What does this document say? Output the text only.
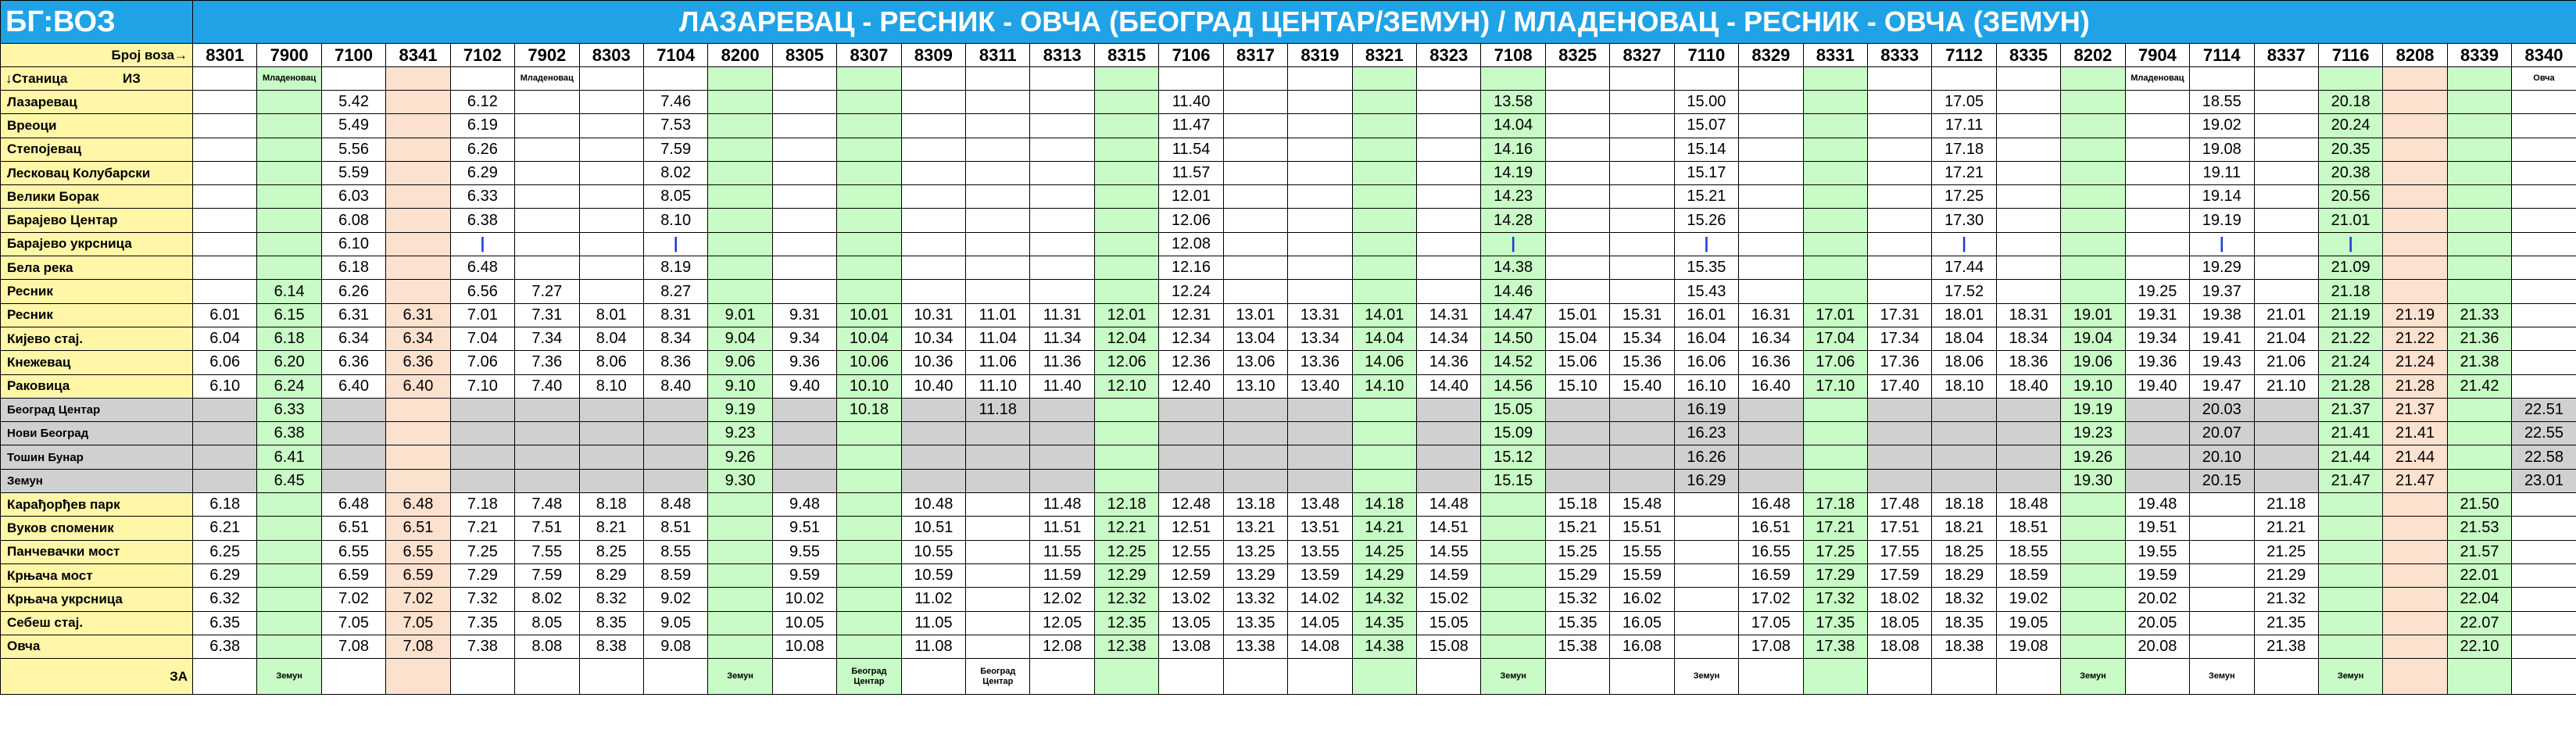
БГ:ВОЗ	ЛАЗАРЕВАЦ - РЕСНИК - ОВЧА (БЕОГРАД ЦЕНТАР/ЗЕМУН) / МЛАДЕНОВАЦ - РЕСНИК - ОВЧА (ЗЕМУН)																																				
Број воза→	8301	7900	7100	8341	7102	7902	8303	7104	8200	8305	8307	8309	8311	8313	8315	7106	8317	8319	8321	8323	7108	8325	8327	7110	8329	8331	8333	7112	8335	8202	7904	7114	8337	7116	8208	8339	8340
↓Станица ИЗ		Младеновац				Младеновац																									Младеновац						Овча
Лазаревац			5.42		6.12			7.46								11.40					13.58			15.00				17.05				18.55		20.18			
Вреоци			5.49		6.19			7.53								11.47					14.04			15.07				17.11				19.02		20.24			
Степојевац			5.56		6.26			7.59								11.54					14.16			15.14				17.18				19.08		20.35			
Лесковац Колубарски			5.59		6.29			8.02								11.57					14.19			15.17				17.21				19.11		20.38			
Велики Борак			6.03		6.33			8.05								12.01					14.23			15.21				17.25				19.14		20.56			
Барајево Центар			6.08		6.38			8.10								12.06					14.28			15.26				17.30				19.19		21.01			
Барајево укрсница			6.10		|			|								12.08					|			|				|				|		|			
Бела река			6.18		6.48			8.19								12.16					14.38			15.35				17.44				19.29		21.09			
Ресник		6.14	6.26		6.56	7.27		8.27								12.24					14.46			15.43				17.52			19.25	19.37		21.18			
Ресник	6.01	6.15	6.31	6.31	7.01	7.31	8.01	8.31	9.01	9.31	10.01	10.31	11.01	11.31	12.01	12.31	13.01	13.31	14.01	14.31	14.47	15.01	15.31	16.01	16.31	17.01	17.31	18.01	18.31	19.01	19.31	19.38	21.01	21.19	21.19	21.33	
Кијево стај.	6.04	6.18	6.34	6.34	7.04	7.34	8.04	8.34	9.04	9.34	10.04	10.34	11.04	11.34	12.04	12.34	13.04	13.34	14.04	14.34	14.50	15.04	15.34	16.04	16.34	17.04	17.34	18.04	18.34	19.04	19.34	19.41	21.04	21.22	21.22	21.36	
Кнежевац	6.06	6.20	6.36	6.36	7.06	7.36	8.06	8.36	9.06	9.36	10.06	10.36	11.06	11.36	12.06	12.36	13.06	13.36	14.06	14.36	14.52	15.06	15.36	16.06	16.36	17.06	17.36	18.06	18.36	19.06	19.36	19.43	21.06	21.24	21.24	21.38	
Раковица	6.10	6.24	6.40	6.40	7.10	7.40	8.10	8.40	9.10	9.40	10.10	10.40	11.10	11.40	12.10	12.40	13.10	13.40	14.10	14.40	14.56	15.10	15.40	16.10	16.40	17.10	17.40	18.10	18.40	19.10	19.40	19.47	21.10	21.28	21.28	21.42	
Београд Центар		6.33							9.19		10.18		11.18								15.05			16.19						19.19		20.03		21.37	21.37		22.51
Нови Београд		6.38							9.23												15.09			16.23						19.23		20.07		21.41	21.41		22.55
Тошин Бунар		6.41							9.26												15.12			16.26						19.26		20.10		21.44	21.44		22.58
Земун		6.45							9.30												15.15			16.29						19.30		20.15		21.47	21.47		23.01
Карађорђев парк	6.18		6.48	6.48	7.18	7.48	8.18	8.48		9.48		10.48		11.48	12.18	12.48	13.18	13.48	14.18	14.48		15.18	15.48		16.48	17.18	17.48	18.18	18.48		19.48		21.18			21.50	
Вуков споменик	6.21		6.51	6.51	7.21	7.51	8.21	8.51		9.51		10.51		11.51	12.21	12.51	13.21	13.51	14.21	14.51		15.21	15.51		16.51	17.21	17.51	18.21	18.51		19.51		21.21			21.53	
Панчевачки мост	6.25		6.55	6.55	7.25	7.55	8.25	8.55		9.55		10.55		11.55	12.25	12.55	13.25	13.55	14.25	14.55		15.25	15.55		16.55	17.25	17.55	18.25	18.55		19.55		21.25			21.57	
Крњача мост	6.29		6.59	6.59	7.29	7.59	8.29	8.59		9.59		10.59		11.59	12.29	12.59	13.29	13.59	14.29	14.59		15.29	15.59		16.59	17.29	17.59	18.29	18.59		19.59		21.29			22.01	
Крњача укрсница	6.32		7.02	7.02	7.32	8.02	8.32	9.02		10.02		11.02		12.02	12.32	13.02	13.32	14.02	14.32	15.02		15.32	16.02		17.02	17.32	18.02	18.32	19.02		20.02		21.32			22.04	
Себеш стај.	6.35		7.05	7.05	7.35	8.05	8.35	9.05		10.05		11.05		12.05	12.35	13.05	13.35	14.05	14.35	15.05		15.35	16.05		17.05	17.35	18.05	18.35	19.05		20.05		21.35			22.07	
Овча	6.38		7.08	7.08	7.38	8.08	8.38	9.08		10.08		11.08		12.08	12.38	13.08	13.38	14.08	14.38	15.08		15.38	16.08		17.08	17.38	18.08	18.38	19.08		20.08		21.38			22.10	
ЗА		Земун							Земун		Београд Центар		Београд Центар								Земун			Земун						Земун		Земун		Земун			
